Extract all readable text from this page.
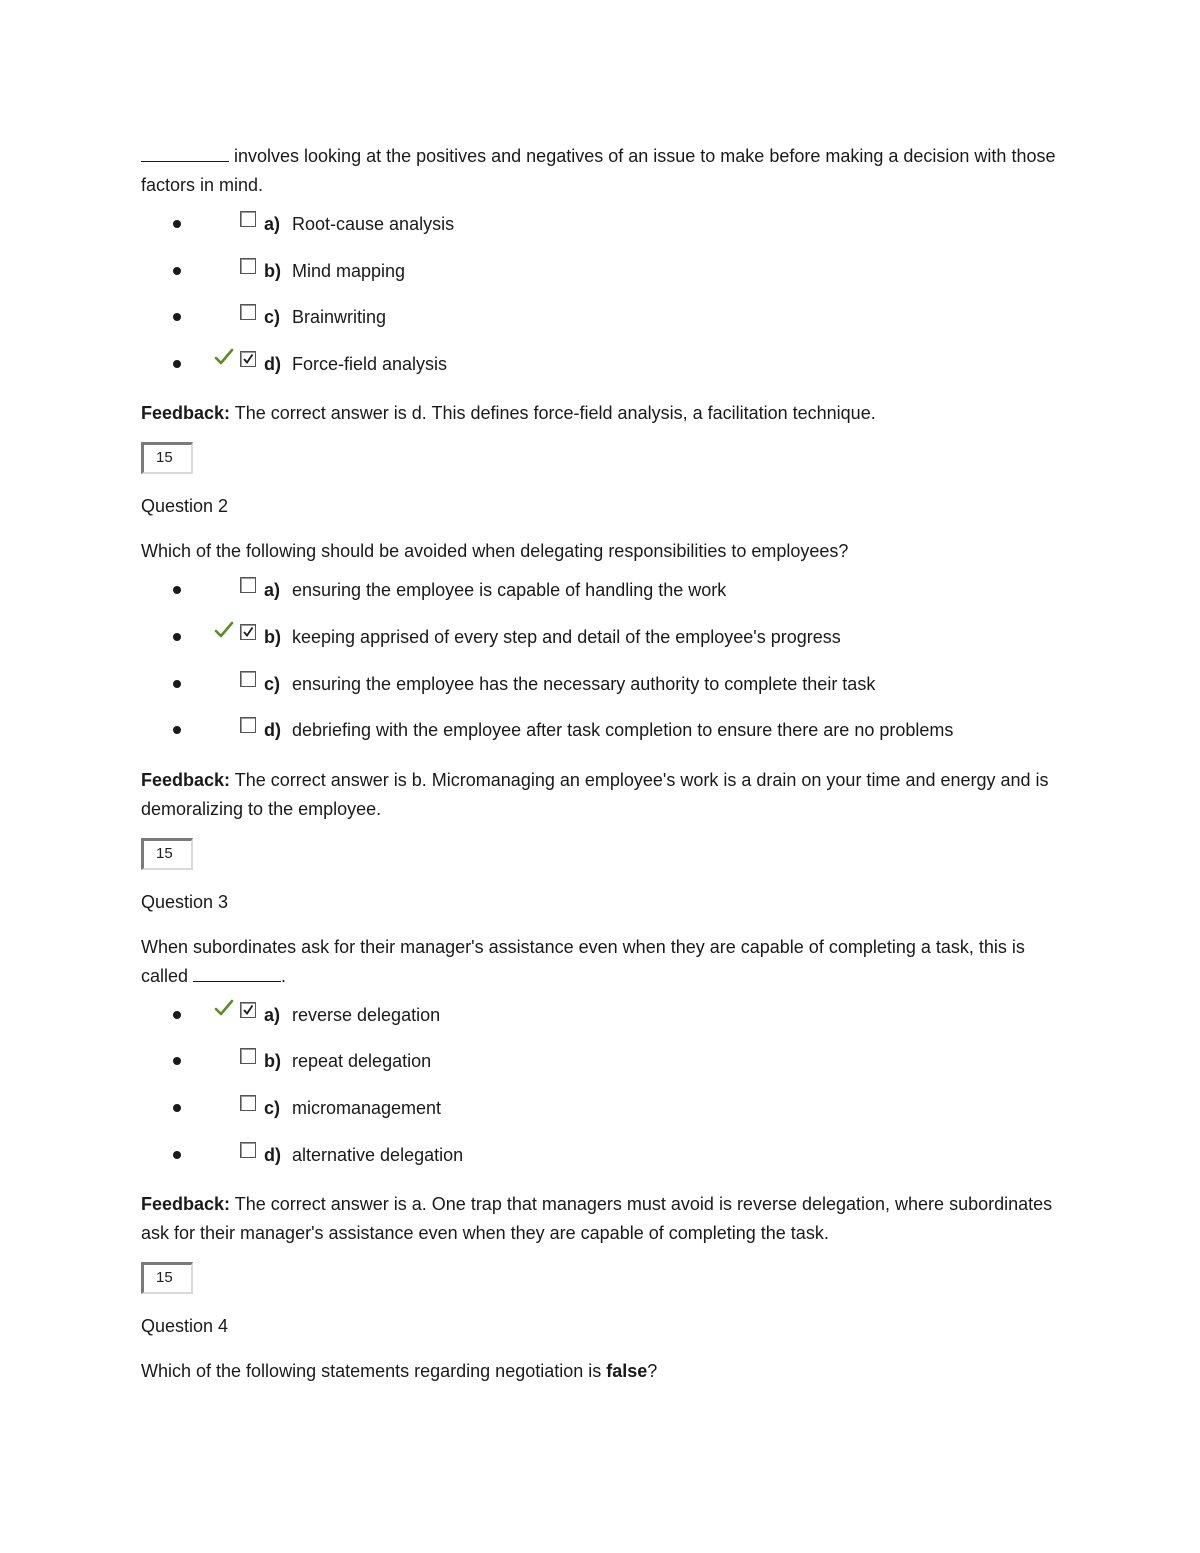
involves looking at the positives and negatives of an issue to make before making a decision with those factors in mind.

a) Root-cause analysis
b) Mind mapping
c) Brainwriting
d) Force-field analysis

Feedback: The correct answer is d. This defines force-field analysis, a facilitation technique.

15

Question 2

Which of the following should be avoided when delegating responsibilities to employees?

a) ensuring the employee is capable of handling the work
b) keeping apprised of every step and detail of the employee's progress
c) ensuring the employee has the necessary authority to complete their task
d) debriefing with the employee after task completion to ensure there are no problems

Feedback: The correct answer is b. Micromanaging an employee's work is a drain on your time and energy and is demoralizing to the employee.

15

Question 3

When subordinates ask for their manager's assistance even when they are capable of completing a task, this is called	.

a) reverse delegation
b) repeat delegation
c) micromanagement
d) alternative delegation

Feedback: The correct answer is a. One trap that managers must avoid is reverse delegation, where subordinates ask for their manager's assistance even when they are capable of completing the task.

15

Question 4

Which of the following statements regarding negotiation is false?
